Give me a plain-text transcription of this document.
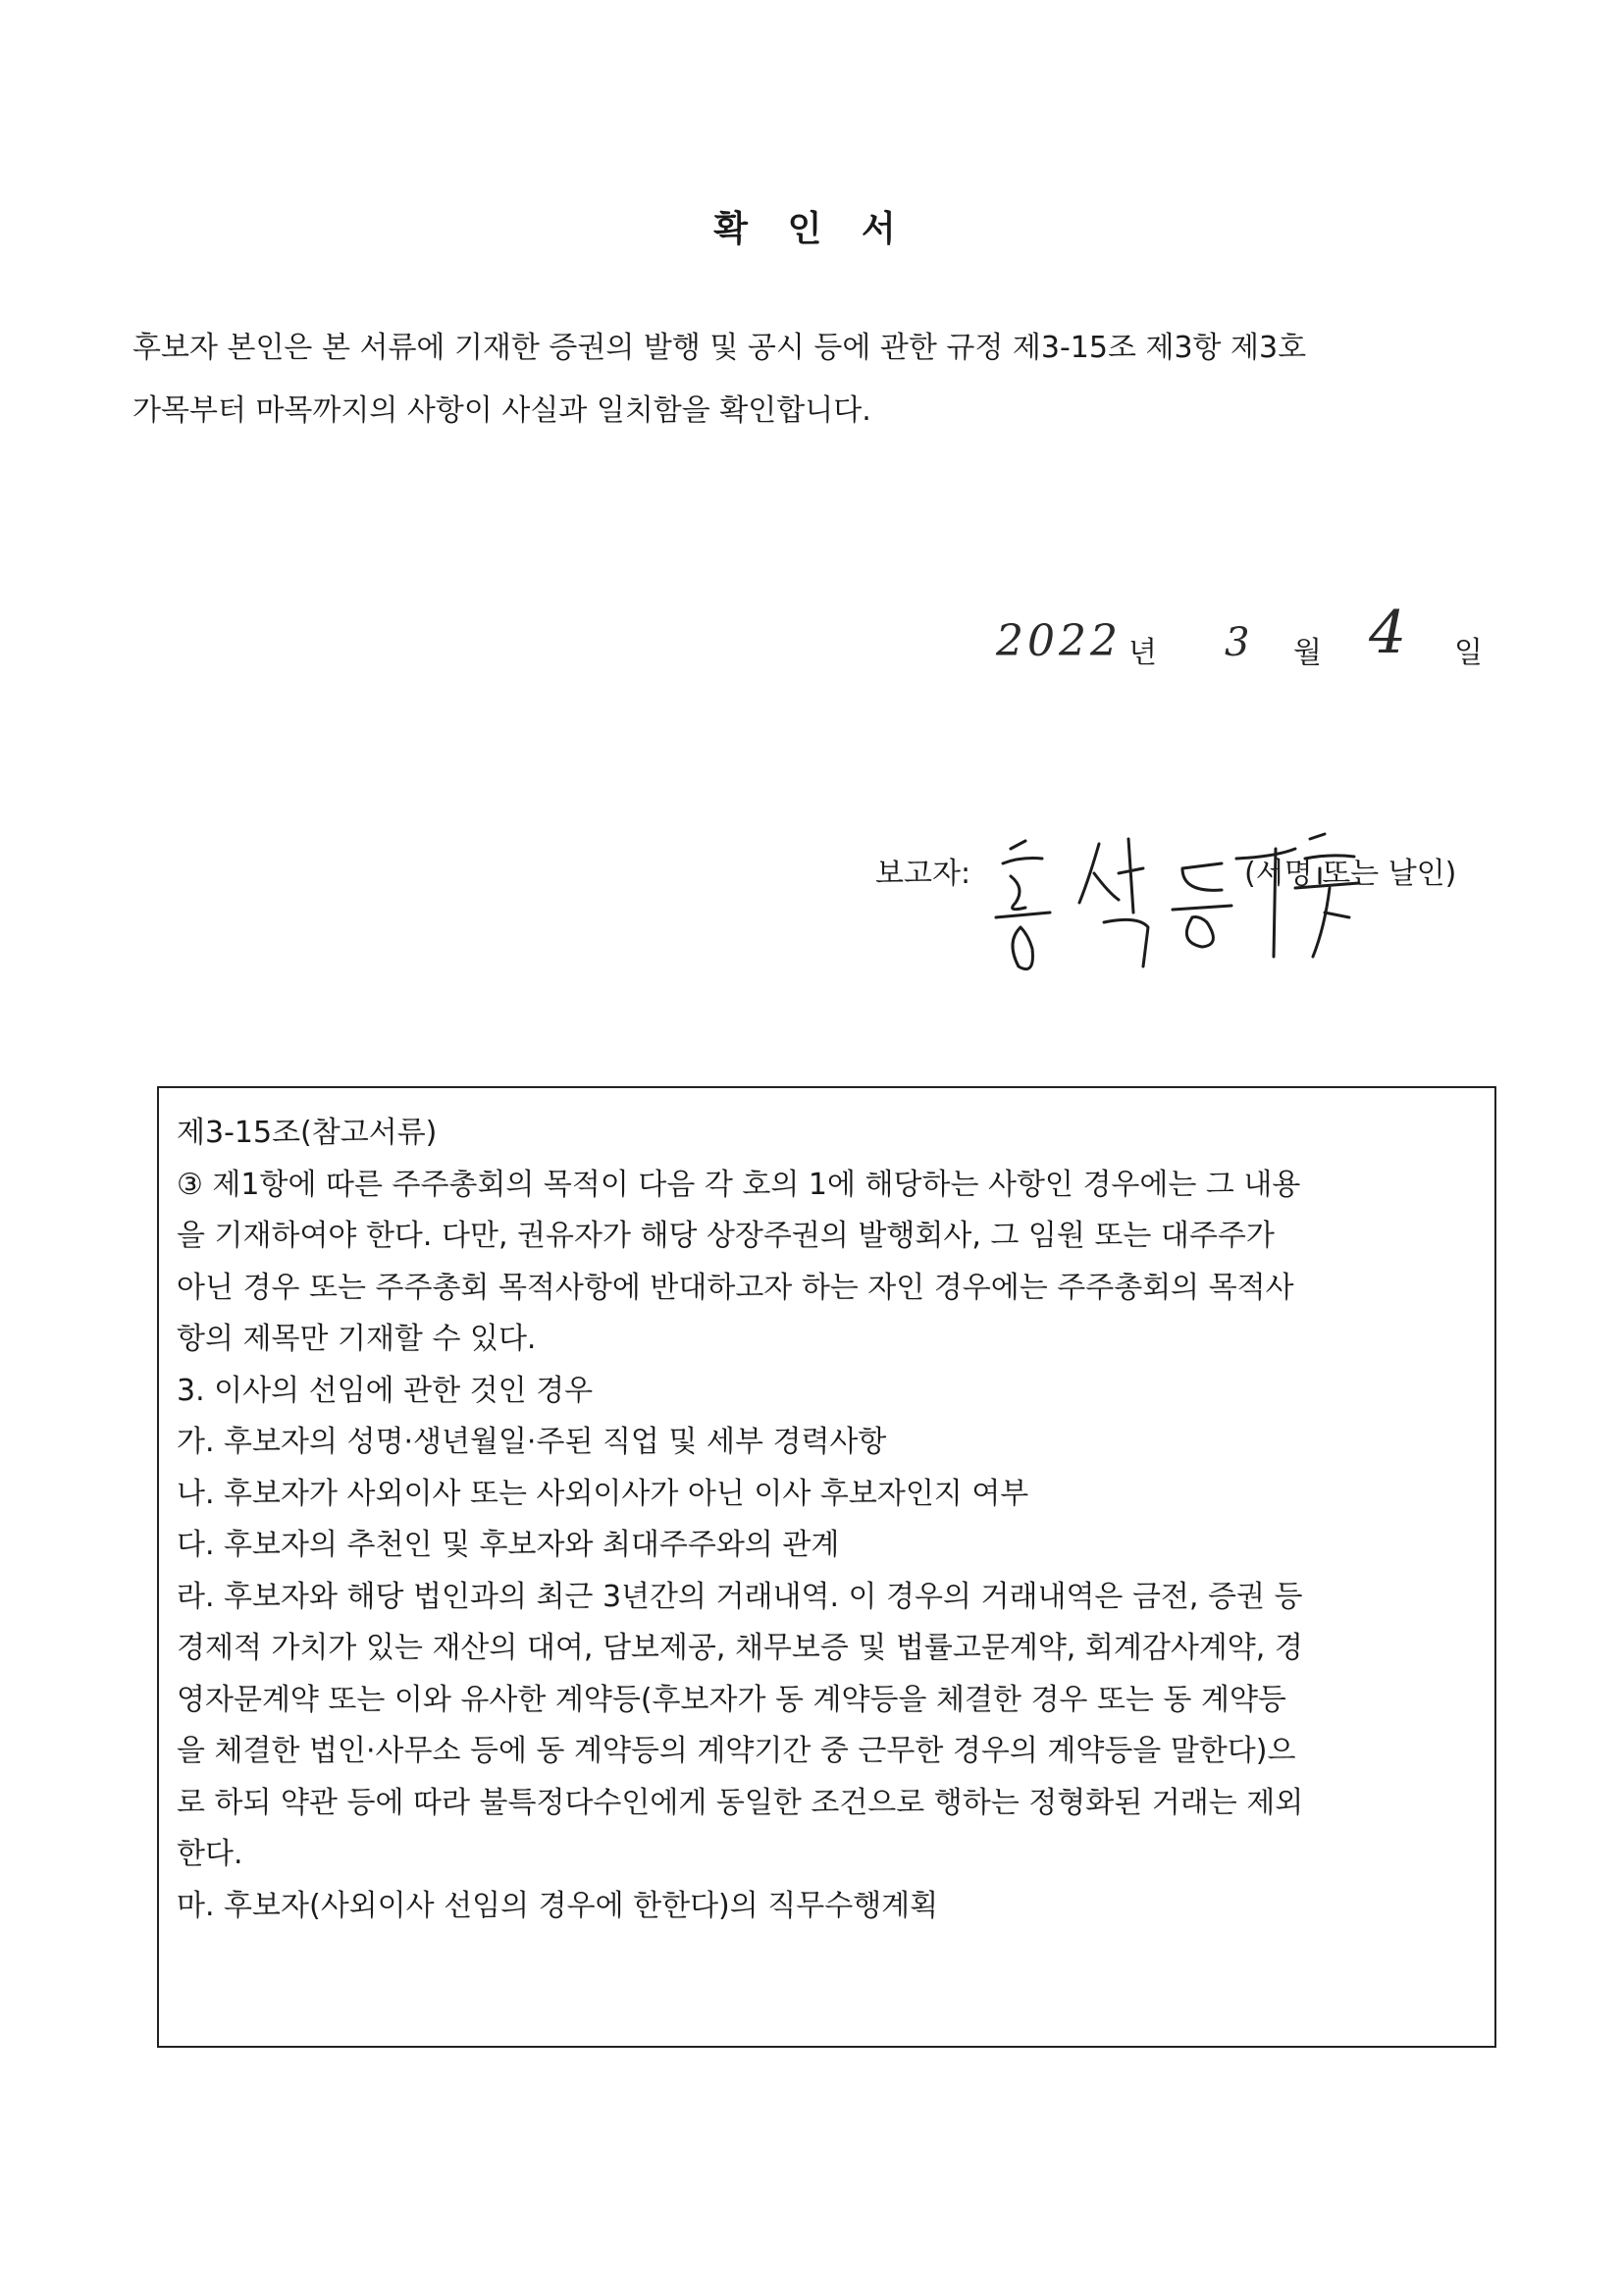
확 인 서

후보자 본인은 본 서류에 기재한 증권의 발행 및 공시 등에 관한 규정 제3-15조 제3항 제3호

가목부터 마목까지의 사항이 사실과 일치함을 확인합니다.

2022 년 3 월 4 일
보고자:	(서명 또는 날인)
제3-15조(참고서류)
③ 제1항에 따른 주주총회의 목적이 다음 각 호의 1에 해당하는 사항인 경우에는 그 내용
을 기재하여야 한다. 다만, 권유자가 해당 상장주권의 발행회사, 그 임원 또는 대주주가
아닌 경우 또는 주주총회 목적사항에 반대하고자 하는 자인 경우에는 주주총회의 목적사
항의 제목만 기재할 수 있다.
3. 이사의 선임에 관한 것인 경우
가. 후보자의 성명·생년월일·주된 직업 및 세부 경력사항
나. 후보자가 사외이사 또는 사외이사가 아닌 이사 후보자인지 여부
다. 후보자의 추천인 및 후보자와 최대주주와의 관계
라. 후보자와 해당 법인과의 최근 3년간의 거래내역. 이 경우의 거래내역은 금전, 증권 등
경제적 가치가 있는 재산의 대여, 담보제공, 채무보증 및 법률고문계약, 회계감사계약, 경
영자문계약 또는 이와 유사한 계약등(후보자가 동 계약등을 체결한 경우 또는 동 계약등
을 체결한 법인·사무소 등에 동 계약등의 계약기간 중 근무한 경우의 계약등을 말한다)으
로 하되 약관 등에 따라 불특정다수인에게 동일한 조건으로 행하는 정형화된 거래는 제외
한다.
마. 후보자(사외이사 선임의 경우에 한한다)의 직무수행계획
